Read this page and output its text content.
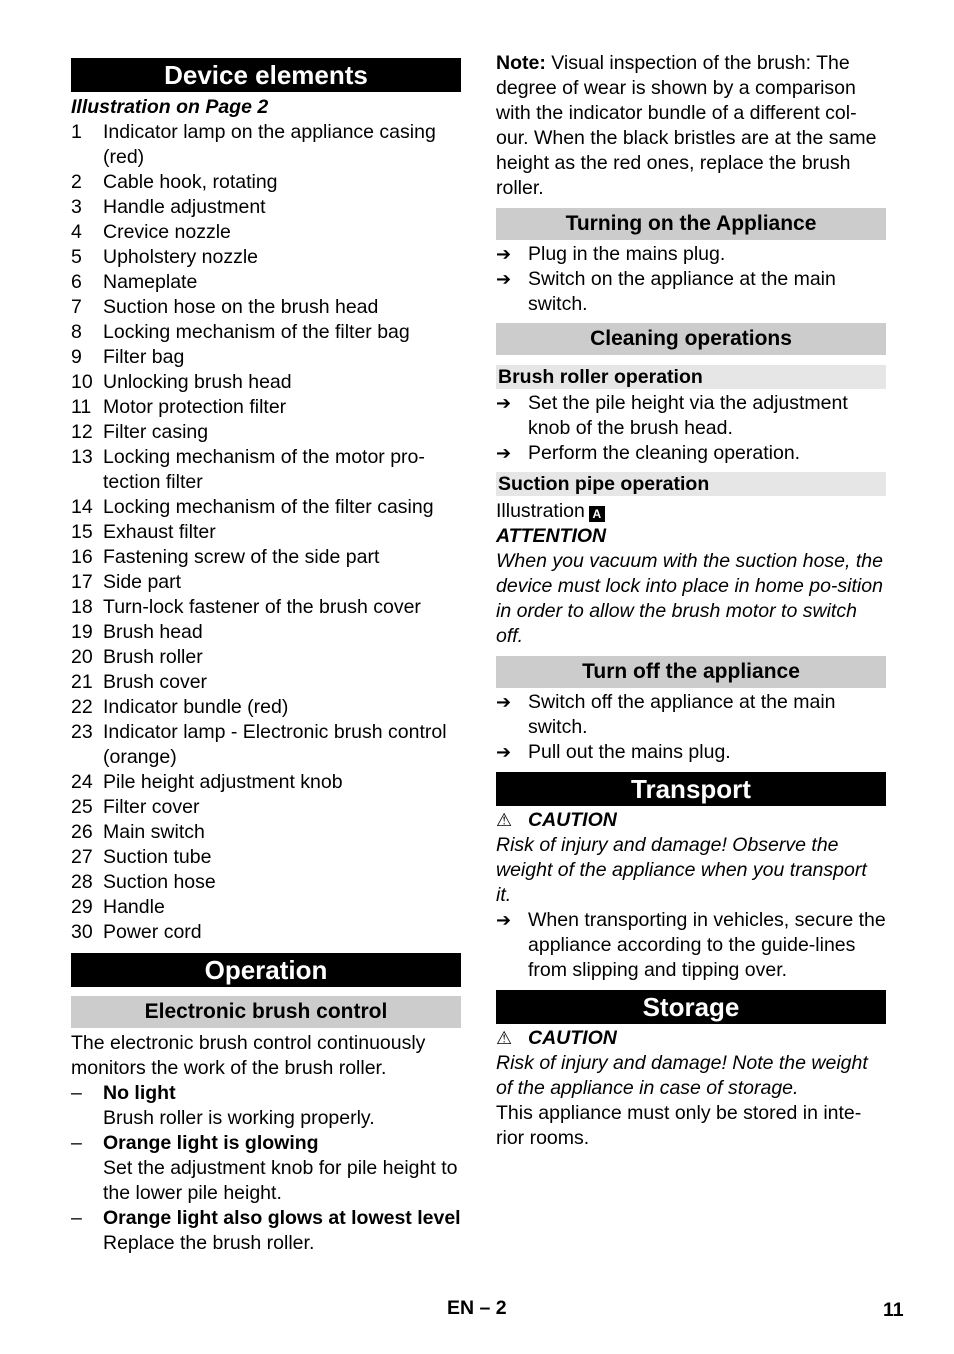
Device elements
Illustration on Page 2
1	Indicator lamp on the appliance casing (red)
2	Cable hook, rotating
3	Handle adjustment
4	Crevice nozzle
5	Upholstery nozzle
6	Nameplate
7	Suction hose on the brush head
8	Locking mechanism of the filter bag
9	Filter bag
10 Unlocking brush head
11 Motor protection filter
12 Filter casing
13 Locking mechanism of the motor pro-tection filter
14 Locking mechanism of the filter casing
15 Exhaust filter
16 Fastening screw of the side part
17 Side part
18 Turn-lock fastener of the brush cover
19 Brush head
20 Brush roller
21 Brush cover
22 Indicator bundle (red)
23 Indicator lamp - Electronic brush control (orange)
24 Pile height adjustment knob
25 Filter cover
26 Main switch
27 Suction tube
28 Suction hose
29 Handle
30 Power cord
Operation
Electronic brush control
The electronic brush control continuously monitors the work of the brush roller.
–	No light
Brush roller is working properly.
–	Orange light is glowing
Set the adjustment knob for pile height to the lower pile height.
–	Orange light also glows at lowest level
Replace the brush roller.
Note: Visual inspection of the brush: The degree of wear is shown by a comparison with the indicator bundle of a different col-our. When the black bristles are at the same height as the red ones, replace the brush roller.
Turning on the Appliance
➔ Plug in the mains plug.
➔ Switch on the appliance at the main switch.
Cleaning operations
Brush roller operation
➔ Set the pile height via the adjustment knob of the brush head.
➔ Perform the cleaning operation.
Suction pipe operation
Illustration A
ATTENTION
When you vacuum with the suction hose, the device must lock into place in home po-sition in order to allow the brush motor to switch off.
Turn off the appliance
➔ Switch off the appliance at the main switch.
➔ Pull out the mains plug.
Transport
⚠ CAUTION
Risk of injury and damage! Observe the weight of the appliance when you transport it.
➔ When transporting in vehicles, secure the appliance according to the guide-lines from slipping and tipping over.
Storage
⚠ CAUTION
Risk of injury and damage! Note the weight of the appliance in case of storage.
This appliance must only be stored in inte-rior rooms.
EN – 2	11
